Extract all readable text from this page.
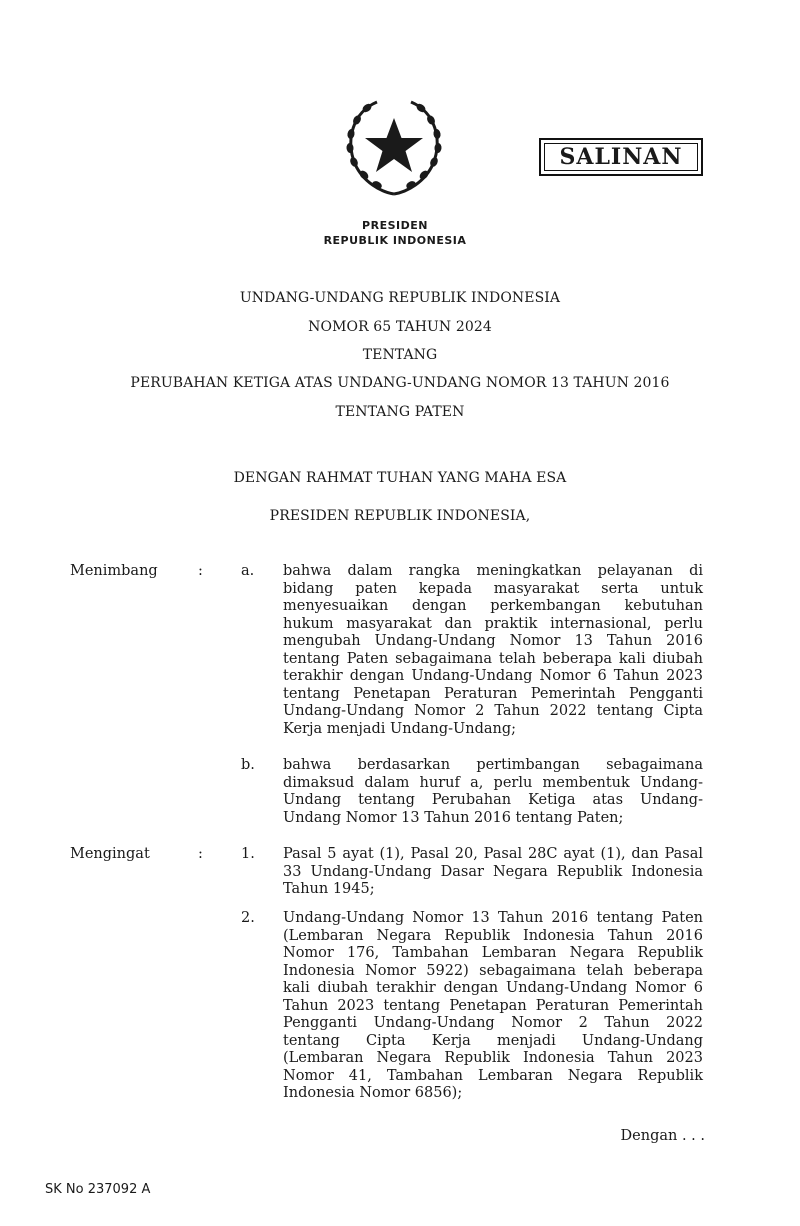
SALINAN
PRESIDEN
REPUBLIK INDONESIA
UNDANG-UNDANG REPUBLIK INDONESIA
NOMOR 65 TAHUN 2024
TENTANG
PERUBAHAN KETIGA ATAS UNDANG-UNDANG NOMOR 13 TAHUN 2016
TENTANG PATEN
DENGAN RAHMAT TUHAN YANG MAHA ESA
PRESIDEN REPUBLIK INDONESIA,
Menimbang	:	a. bahwa dalam rangka meningkatkan pelayanan di
bidang paten kepada masyarakat serta untuk
menyesuaikan dengan perkembangan kebutuhan
hukum masyarakat dan praktik internasional, perlu
mengubah Undang-Undang Nomor 13 Tahun 2016
tentang Paten sebagaimana telah beberapa kali diubah
terakhir dengan Undang-Undang Nomor 6 Tahun 2023
tentang Penetapan Peraturan Pemerintah Pengganti
Undang-Undang Nomor 2 Tahun 2022 tentang Cipta
Kerja menjadi Undang-Undang;
b. bahwa berdasarkan pertimbangan sebagaimana
dimaksud dalam huruf a, perlu membentuk Undang-
Undang tentang Perubahan Ketiga atas Undang-
Undang Nomor 13 Tahun 2016 tentang Paten;
Mengingat	:	1. Pasal 5 ayat (1), Pasal 20, Pasal 28C ayat (1), dan Pasal
33 Undang-Undang Dasar Negara Republik Indonesia
Tahun 1945;
2. Undang-Undang Nomor 13 Tahun 2016 tentang Paten
(Lembaran Negara Republik Indonesia Tahun 2016
Nomor 176, Tambahan Lembaran Negara Republik
Indonesia Nomor 5922) sebagaimana telah beberapa
kali diubah terakhir dengan Undang-Undang Nomor 6
Tahun 2023 tentang Penetapan Peraturan Pemerintah
Pengganti Undang-Undang Nomor 2 Tahun 2022
tentang Cipta Kerja menjadi Undang-Undang
(Lembaran Negara Republik Indonesia Tahun 2023
Nomor 41, Tambahan Lembaran Negara Republik
Indonesia Nomor 6856);
Dengan . . .
SK No 237092 A
